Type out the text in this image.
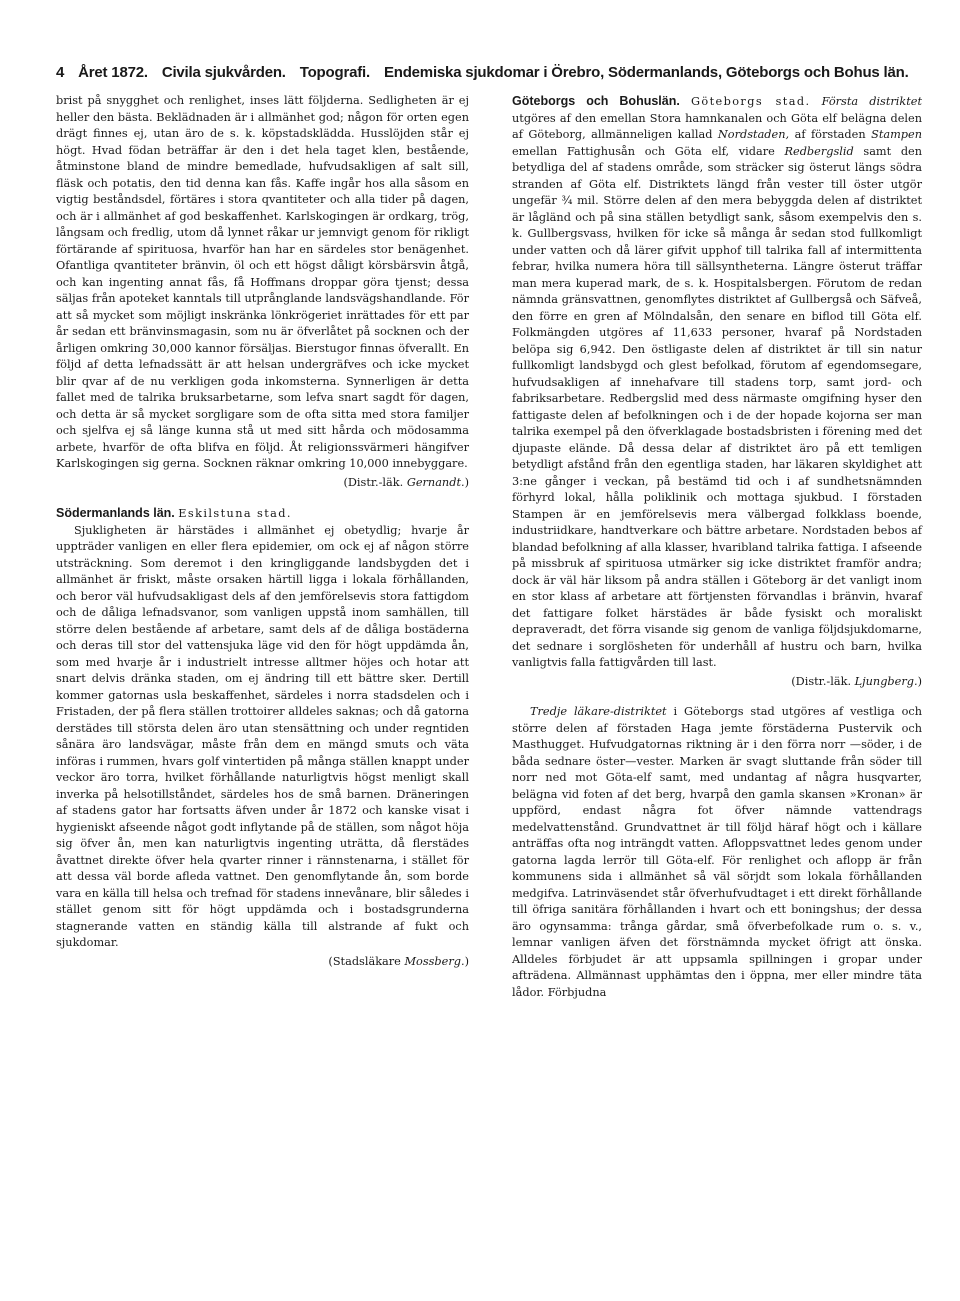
4 Året 1872. Civila sjukvården. Topografi. Endemiska sjukdomar i Örebro, Södermanlands, Göteborgs och Bohus län.

brist på snygghet och renlighet, inses lätt följderna. Sedligheten är ej heller den bästa. Beklädnaden är i allmänhet god; någon för orten egen drägt finnes ej, utan äro de s. k. köpstadsklädda. Husslöjden står ej högt. Hvad födan beträffar är den i det hela taget klen, bestående, åtminstone bland de mindre bemedlade, hufvudsakligen af salt sill, fläsk och potatis, den tid denna kan fås. Kaffe ingår hos alla såsom en vigtig beståndsdel, förtäres i stora qvantiteter och alla tider på dagen, och är i allmänhet af god beskaffenhet. Karlskogingen är ordkarg, trög, långsam och fredlig, utom då lynnet råkar ur jemnvigt genom för rikligt förtärande af spirituosa, hvarför han har en särdeles stor benägenhet. Ofantliga qvantiteter bränvin, öl och ett högst dåligt körsbärsvin åtgå, och kan ingenting annat fås, få Hoffmans droppar göra tjenst; dessa säljas från apoteket kanntals till utprånglande landsvägshandlande. För att så mycket som möjligt inskränka lönkrögeriet inrättades för ett par år sedan ett bränvinsmagasin, som nu är öfverlåtet på socknen och der årligen omkring 30,000 kannor försäljas. Bierstugor finnas öfverallt. En följd af detta lefnadssätt är att helsan undergräfves och icke mycket blir qvar af de nu verkligen goda inkomsterna. Synnerligen är detta fallet med de talrika bruksarbetarne, som lefva snart sagdt för dagen, och detta är så mycket sorgligare som de ofta sitta med stora familjer och sjelfva ej så länge kunna stå ut med sitt hårda och mödosamma arbete, hvarför de ofta blifva en följd. Åt religionssvärmeri hängifver Karlskogingen sig gerna. Socknen räknar omkring 10,000 innebyggare.

(Distr.-läk. Gernandt.)

Södermanlands län. Eskilstuna stad.

Sjukligheten är härstädes i allmänhet ej obetydlig; hvarje år uppträder vanligen en eller flera epidemier, om ock ej af någon större utsträckning. Som deremot i den kringliggande landsbygden det i allmänhet är friskt, måste orsaken härtill ligga i lokala förhållanden, och beror väl hufvudsakligast dels af den jemförelsevis stora fattigdom och de dåliga lefnadsvanor, som vanligen uppstå inom samhällen, till större delen bestående af arbetare, samt dels af de dåliga bostäderna och deras till stor del vattensjuka läge vid den för högt uppdämda ån, som med hvarje år i industrielt intresse alltmer höjes och hotar att snart delvis dränka staden, om ej ändring till ett bättre sker. Dertill kommer gatornas usla beskaffenhet, särdeles i norra stadsdelen och i Fristaden, der på flera ställen trottoirer alldeles saknas; och då gatorna derstädes till största delen äro utan stensättning och under regntiden sånära äro landsvägar, måste från dem en mängd smuts och väta införas i rummen, hvars golf vintertiden på många ställen knappt under veckor äro torra, hvilket förhållande naturligtvis högst menligt skall inverka på helsotillståndet, särdeles hos de små barnen. Dräneringen af stadens gator har fortsatts äfven under år 1872 och kanske visat i hygieniskt afseende något godt inflytande på de ställen, som något höja sig öfver ån, men kan naturligtvis ingenting uträtta, då flerstädes åvattnet direkte öfver hela qvarter rinner i rännstenarna, i stället för att dessa väl borde afleda vattnet. Den genomflytande ån, som borde vara en källa till helsa och trefnad för stadens innevånare, blir således i stället genom sitt för högt uppdämda och i bostadsgrunderna stagnerande vatten en ständig källa till alstrande af fukt och sjukdomar.

(Stadsläkare Mossberg.)

Göteborgs och Bohuslän. Göteborgs stad. Första distriktet utgöres af den emellan Stora hamnkanalen och Göta elf belägna delen af Göteborg, allmänneligen kallad Nordstaden, af förstaden Stampen emellan Fattighusån och Göta elf, vidare Redbergslid samt den betydliga del af stadens område, som sträcker sig österut längs södra stranden af Göta elf. Distriktets längd från vester till öster utgör ungefär ¾ mil. Större delen af den mera bebyggda delen af distriktet är lågländ och på sina ställen betydligt sank, såsom exempelvis den s. k. Gullbergsvass, hvilken för icke så många år sedan stod fullkomligt under vatten och då lärer gifvit upphof till talrika fall af intermittenta febrar, hvilka numera höra till sällsyntheterna. Längre österut träffar man mera kuperad mark, de s. k. Hospitalsbergen. Förutom de redan nämnda gränsvattnen, genomflytes distriktet af Gullbergså och Säfveå, den förre en gren af Mölndalsån, den senare en biflod till Göta elf. Folkmängden utgöres af 11,633 personer, hvaraf på Nordstaden belöpa sig 6,942. Den östligaste delen af distriktet är till sin natur fullkomligt landsbygd och glest befolkad, förutom af egendomsegare, hufvudsakligen af innehafvare till stadens torp, samt jord- och fabriksarbetare. Redbergslid med dess närmaste omgifning hyser den fattigaste delen af befolkningen och i de der hopade kojorna ser man talrika exempel på den öfverklagade bostadsbristen i förening med det djupaste elände. Då dessa delar af distriktet äro på ett temligen betydligt afstånd från den egentliga staden, har läkaren skyldighet att 3:ne gånger i veckan, på bestämd tid och i af sundhetsnämnden förhyrd lokal, hålla poliklinik och mottaga sjukbud. I förstaden Stampen är en jemförelsevis mera välbergad folkklass boende, industriidkare, handtverkare och bättre arbetare. Nordstaden bebos af blandad befolkning af alla klasser, hvaribland talrika fattiga. I afseende på missbruk af spirituosa utmärker sig icke distriktet framför andra; dock är väl här liksom på andra ställen i Göteborg är det vanligt inom en stor klass af arbetare att förtjensten förvandlas i bränvin, hvaraf det fattigare folket härstädes är både fysiskt och moraliskt depraveradt, det förra visande sig genom de vanliga följdsjukdomarne, det sednare i sorglösheten för underhåll af hustru och barn, hvilka vanligtvis falla fattigvården till last.

(Distr.-läk. Ljungberg.)

Tredje läkare-distriktet i Göteborgs stad utgöres af vestliga och större delen af förstaden Haga jemte förstäderna Pustervik och Masthugget. Hufvudgatornas riktning är i den förra norr —söder, i de båda sednare öster—vester. Marken är svagt sluttande från söder till norr ned mot Göta-elf samt, med undantag af några husqvarter, belägna vid foten af det berg, hvarpå den gamla skansen »Kronan» är uppförd, endast några fot öfver nämnde vattendrags medelvattenstånd. Grundvattnet är till följd häraf högt och i källare anträffas ofta nog inträngdt vatten. Afloppsvattnet ledes genom under gatorna lagda lerrör till Göta-elf. För renlighet och aflopp är från kommunens sida i allmänhet så väl sörjdt som lokala förhållanden medgifva. Latrinväsendet står öfverhufvudtaget i ett direkt förhållande till öfriga sanitära förhållanden i hvart och ett boningshus; der dessa äro ogynsamma: trånga gårdar, små öfverbefolkade rum o. s. v., lemnar vanligen äfven det förstnämnda mycket öfrigt att önska. Alldeles förbjudet är att uppsamla spillningen i gropar under afträdena. Allmännast upphämtas den i öppna, mer eller mindre täta lådor. Förbjudna
